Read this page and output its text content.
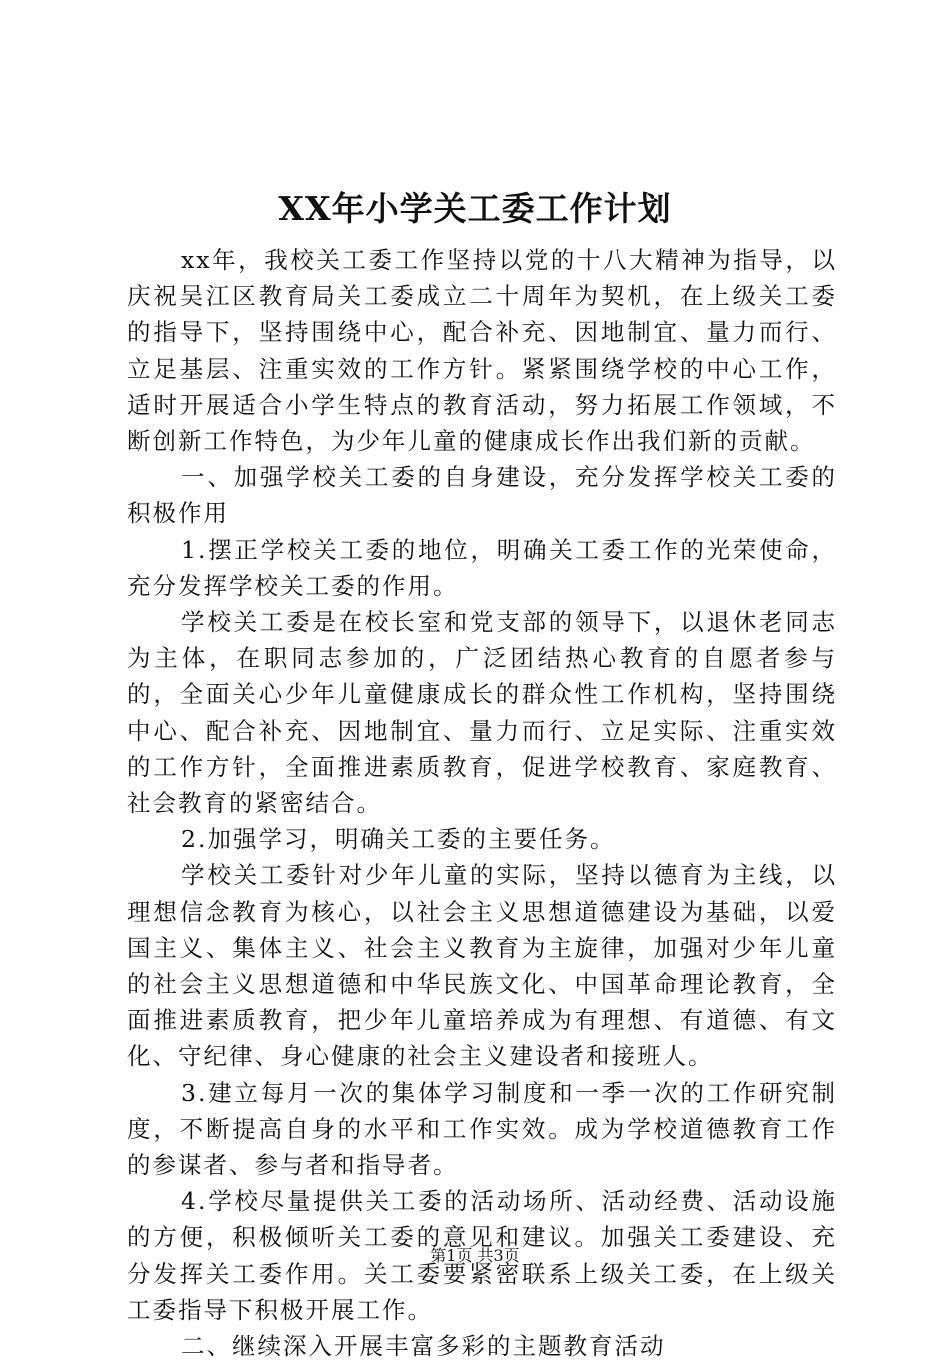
XX年小学关工委工作计划

xx年，我校关工委工作坚持以党的十八大精神为指导，以庆祝吴江区教育局关工委成立二十周年为契机，在上级关工委的指导下，坚持围绕中心，配合补充、因地制宜、量力而行、立足基层、注重实效的工作方针。紧紧围绕学校的中心工作，适时开展适合小学生特点的教育活动，努力拓展工作领域，不断创新工作特色，为少年儿童的健康成长作出我们新的贡献。

一、加强学校关工委的自身建设，充分发挥学校关工委的积极作用

1.摆正学校关工委的地位，明确关工委工作的光荣使命，充分发挥学校关工委的作用。

学校关工委是在校长室和党支部的领导下，以退休老同志为主体，在职同志参加的，广泛团结热心教育的自愿者参与的，全面关心少年儿童健康成长的群众性工作机构，坚持围绕中心、配合补充、因地制宜、量力而行、立足实际、注重实效的工作方针，全面推进素质教育，促进学校教育、家庭教育、社会教育的紧密结合。

2.加强学习，明确关工委的主要任务。

学校关工委针对少年儿童的实际，坚持以德育为主线，以理想信念教育为核心，以社会主义思想道德建设为基础，以爱国主义、集体主义、社会主义教育为主旋律，加强对少年儿童的社会主义思想道德和中华民族文化、中国革命理论教育，全面推进素质教育，把少年儿童培养成为有理想、有道德、有文化、守纪律、身心健康的社会主义建设者和接班人。

3.建立每月一次的集体学习制度和一季一次的工作研究制度，不断提高自身的水平和工作实效。成为学校道德教育工作的参谋者、参与者和指导者。

4.学校尽量提供关工委的活动场所、活动经费、活动设施的方便，积极倾听关工委的意见和建议。加强关工委建设、充分发挥关工委作用。关工委要紧密联系上级关工委，在上级关工委指导下积极开展工作。

二、继续深入开展丰富多彩的主题教育活动

第1页 共3页
